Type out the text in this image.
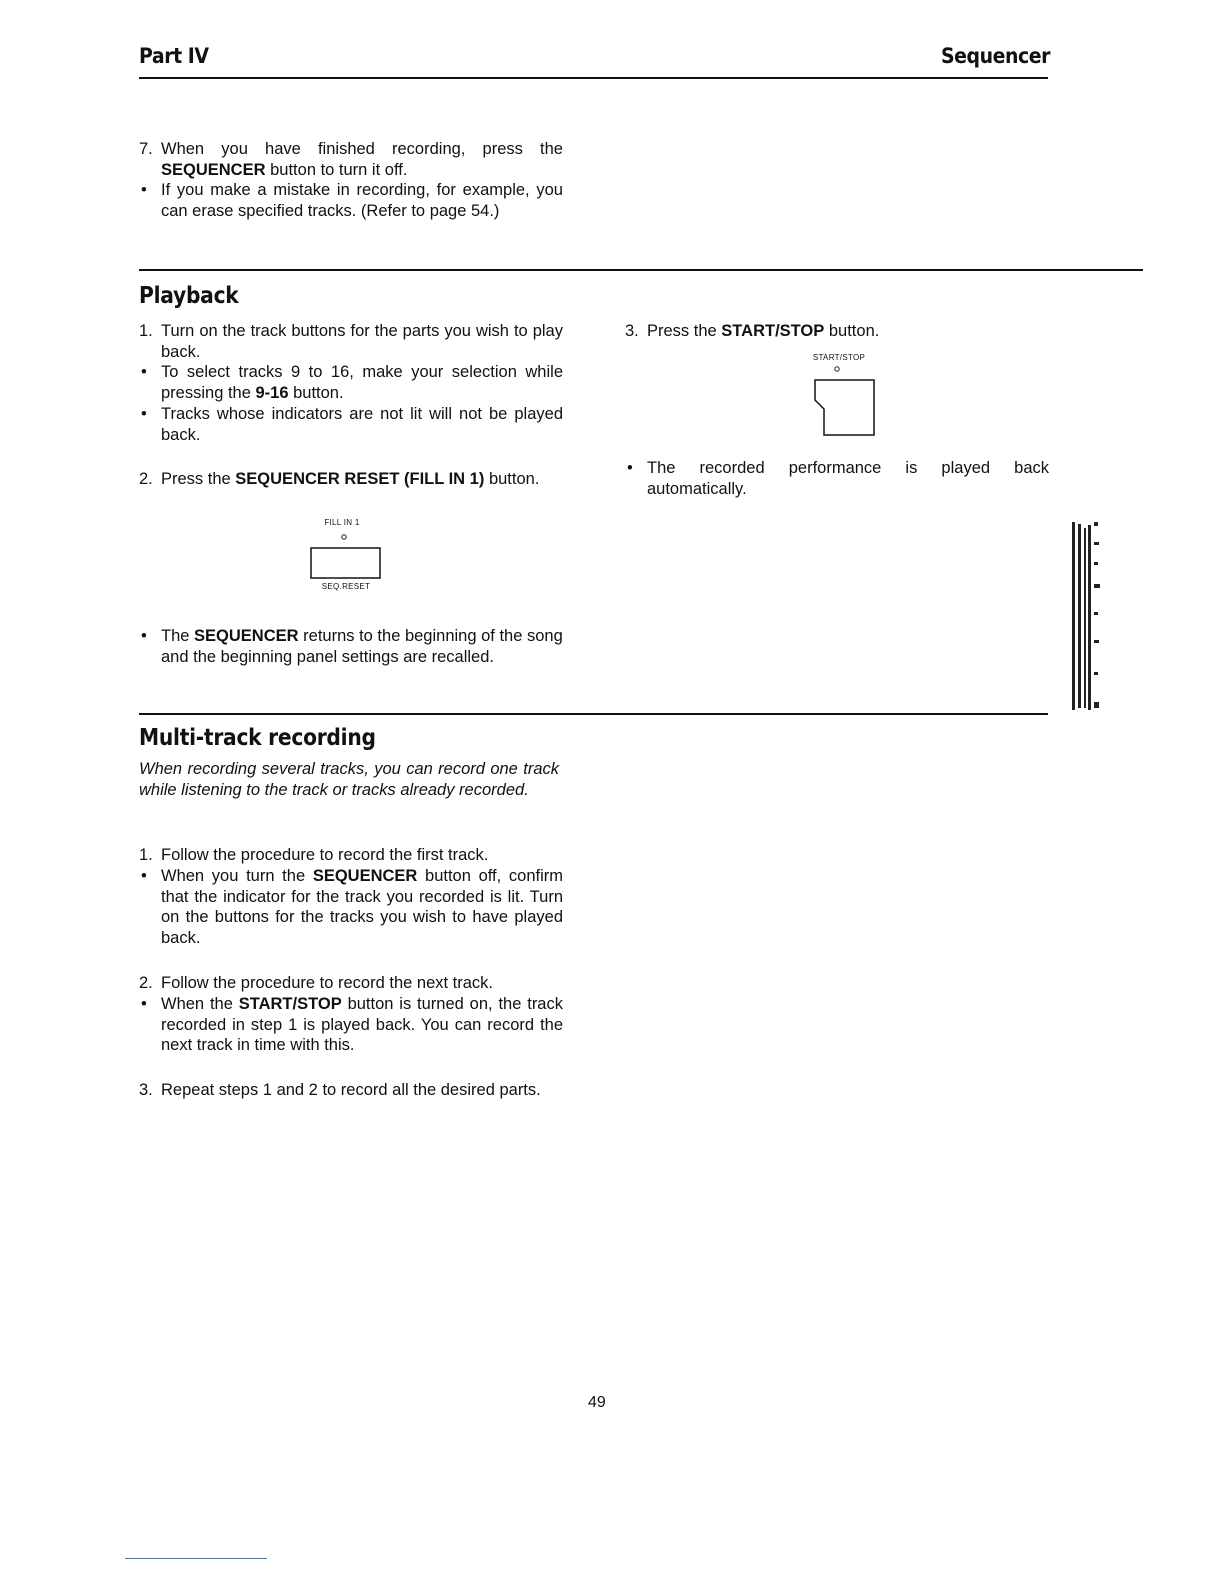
Part IV	Sequencer
7. When you have finished recording, press the SEQUENCER button to turn it off.
• If you make a mistake in recording, for example, you can erase specified tracks. (Refer to page 54.)
Playback
1. Turn on the track buttons for the parts you wish to play back.
• To select tracks 9 to 16, make your selection while pressing the 9-16 button.
• Tracks whose indicators are not lit will not be played back.
2. Press the SEQUENCER RESET (FILL IN 1) button.
FILL IN 1
SEQ.RESET
• The SEQUENCER returns to the beginning of the song and the beginning panel settings are recalled.
3. Press the START/STOP button.
START/STOP
• The recorded performance is played back automatically.
Multi-track recording
When recording several tracks, you can record one track while listening to the track or tracks already recorded.
1. Follow the procedure to record the first track.
• When you turn the SEQUENCER button off, confirm that the indicator for the track you recorded is lit. Turn on the buttons for the tracks you wish to have played back.
2. Follow the procedure to record the next track.
• When the START/STOP button is turned on, the track recorded in step 1 is played back. You can record the next track in time with this.
3. Repeat steps 1 and 2 to record all the desired parts.
49
